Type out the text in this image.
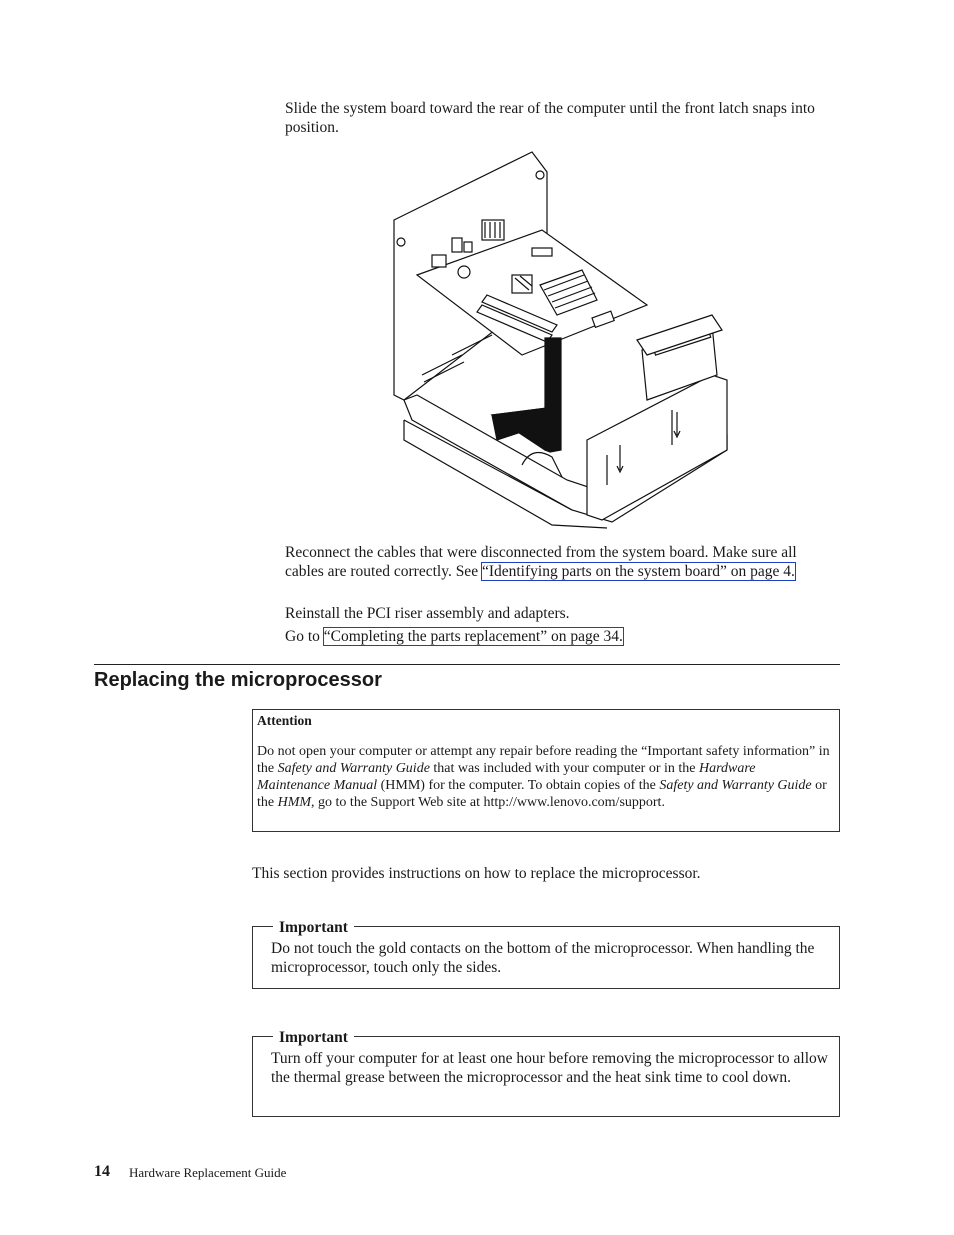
Slide the system board toward the rear of the computer until the front latch snaps into position.
Reconnect the cables that were disconnected from the system board. Make sure all cables are routed correctly. See “Identifying parts on the system board” on page 4.
Reinstall the PCI riser assembly and adapters.
Go to “Completing the parts replacement” on page 34.
Replacing the microprocessor
Attention
Do not open your computer or attempt any repair before reading the “Important safety information” in the Safety and Warranty Guide that was included with your computer or in the Hardware Maintenance Manual (HMM) for the computer. To obtain copies of the Safety and Warranty Guide or the HMM, go to the Support Web site at http://www.lenovo.com/support.
This section provides instructions on how to replace the microprocessor.
Important
Do not touch the gold contacts on the bottom of the microprocessor. When handling the microprocessor, touch only the sides.
Important
Turn off your computer for at least one hour before removing the microprocessor to allow the thermal grease between the microprocessor and the heat sink time to cool down.
14 Hardware Replacement Guide
